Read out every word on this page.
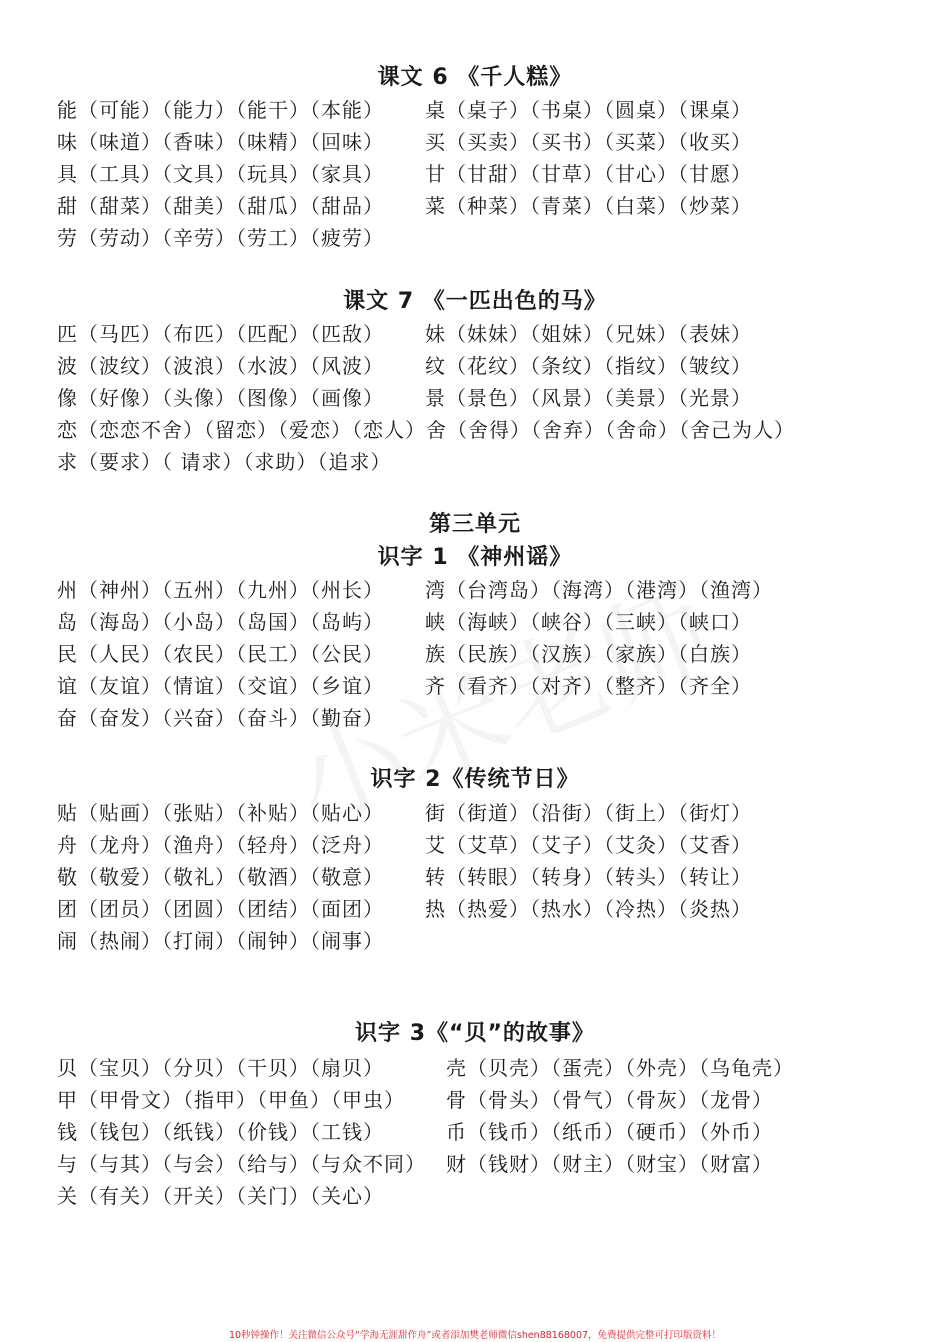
课文 6 《千人糕》
能（可能）（能力）（能干）（本能） 桌（桌子）（书桌）（圆桌）（课桌）
味（味道）（香味）（味精）（回味） 买（买卖）（买书）（买菜）（收买）
具（工具）（文具）（玩具）（家具） 甘（甘甜）（甘草）（甘心）（甘愿）
甜（甜菜）（甜美）（甜瓜）（甜品） 菜（种菜）（青菜）（白菜）（炒菜）
劳（劳动）（辛劳）（劳工）（疲劳）
课文 7 《一匹出色的马》
匹（马匹）（布匹）（匹配）（匹敌） 妹（妹妹）（姐妹）（兄妹）（表妹）
波（波纹）（波浪）（水波）（风波） 纹（花纹）（条纹）（指纹）（皱纹）
像（好像）（头像）（图像）（画像） 景（景色）（风景）（美景）（光景）
恋（恋恋不舍）（留恋）（爱恋）（恋人）舍（舍得）（舍弃）（舍命）（舍己为人）
求（要求）（ 请求）（求助）（追求）
第三单元
识字 1 《神州谣》
州（神州）（五州）（九州）（州长） 湾（台湾岛）（海湾）（港湾）（渔湾）
岛（海岛）（小岛）（岛国）（岛屿） 峡（海峡）（峡谷）（三峡）（峡口）
民（人民）（农民）（民工）（公民） 族（民族）（汉族）（家族）（白族）
谊（友谊）（情谊）（交谊）（乡谊） 齐（看齐）（对齐）（整齐）（齐全）
奋（奋发）（兴奋）（奋斗）（勤奋）
识字 2《传统节日》
贴（贴画）（张贴）（补贴）（贴心） 街（街道）（沿街）（街上）（街灯）
舟（龙舟）（渔舟）（轻舟）（泛舟） 艾（艾草）（艾子）（艾灸）（艾香）
敬（敬爱）（敬礼）（敬酒）（敬意） 转（转眼）（转身）（转头）（转让）
团（团员）（团圆）（团结）（面团） 热（热爱）（热水）（冷热）（炎热）
闹（热闹）（打闹）（闹钟）（闹事）
识字 3《“贝”的故事》
贝（宝贝）（分贝）（干贝）（扇贝）	壳（贝壳）（蛋壳）（外壳）（乌龟壳）
甲（甲骨文）（指甲）（甲鱼）（甲虫） 骨（骨头）（骨气）（骨灰）（龙骨）
钱（钱包）（纸钱）（价钱）（工钱）	币（钱币）（纸币）（硬币）（外币）
与（与其）（与会）（给与）（与众不同） 财（钱财）（财主）（财宝）（财富）
关（有关）（开关）（关门）（关心）
10秒钟操作！关注微信公众号“学海无涯甜作舟”或者添加樊老师微信shen88168007，免费提供完整可打印版资料！
